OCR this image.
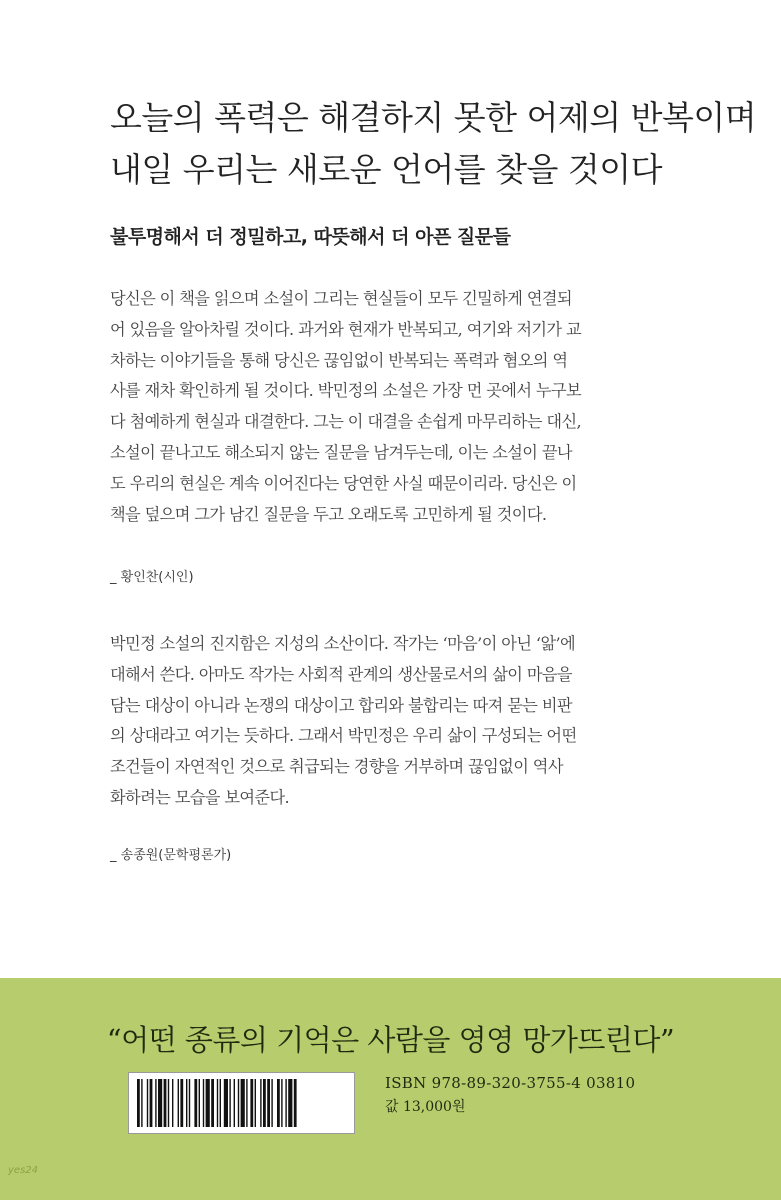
오늘의 폭력은 해결하지 못한 어제의 반복이며
내일 우리는 새로운 언어를 찾을 것이다
불투명해서 더 정밀하고, 따뜻해서 더 아픈 질문들
당신은 이 책을 읽으며 소설이 그리는 현실들이 모두 긴밀하게 연결되
어 있음을 알아차릴 것이다. 과거와 현재가 반복되고, 여기와 저기가 교
차하는 이야기들을 통해 당신은 끊임없이 반복되는 폭력과 혐오의 역
사를 재차 확인하게 될 것이다. 박민정의 소설은 가장 먼 곳에서 누구보
다 첨예하게 현실과 대결한다. 그는 이 대결을 손쉽게 마무리하는 대신,
소설이 끝나고도 해소되지 않는 질문을 남겨두는데, 이는 소설이 끝나
도 우리의 현실은 계속 이어진다는 당연한 사실 때문이리라. 당신은 이
책을 덮으며 그가 남긴 질문을 두고 오래도록 고민하게 될 것이다.
_ 황인찬(시인)
박민정 소설의 진지함은 지성의 소산이다. 작가는 ‘마음’이 아닌 ‘앎’에
대해서 쓴다. 아마도 작가는 사회적 관계의 생산물로서의 삶이 마음을
담는 대상이 아니라 논쟁의 대상이고 합리와 불합리는 따져 묻는 비판
의 상대라고 여기는 듯하다. 그래서 박민정은 우리 삶이 구성되는 어떤
조건들이 자연적인 것으로 취급되는 경향을 거부하며 끊임없이 역사
화하려는 모습을 보여준다.
_ 송종원(문학평론가)
“어떤 종류의 기억은 사람을 영영 망가뜨린다”
ISBN 978-89-320-3755-4 03810
값 13,000원
yes24
